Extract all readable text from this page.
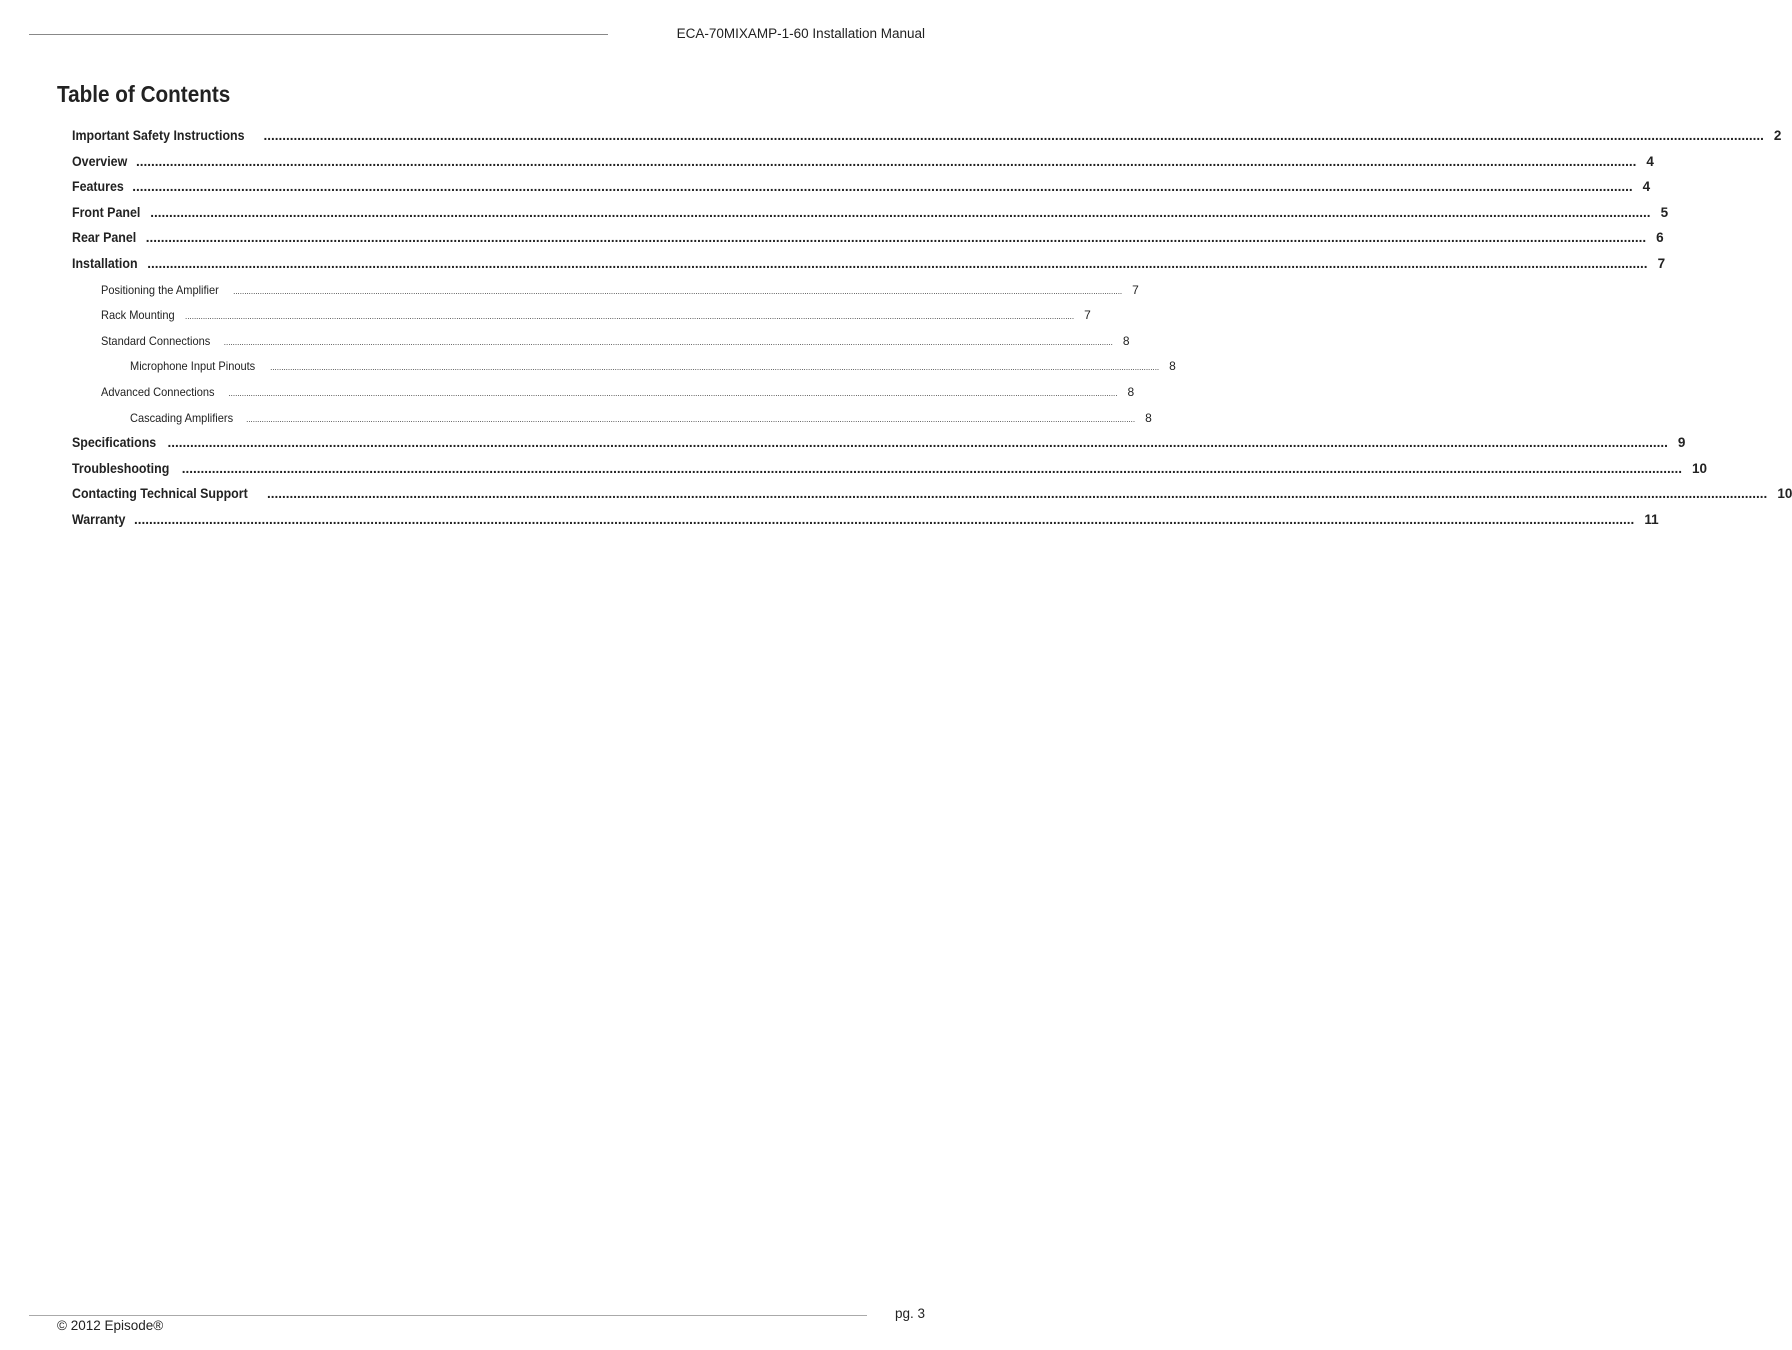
ECA-70MIXAMP-1-60 Installation Manual
Table of Contents
Important Safety Instructions ................................................................................................................................................................................................................................................................................................................................................................................................................ 2
Overview ................................................................................................................................................................................................................................................................................................................................................................................................................ 4
Features ................................................................................................................................................................................................................................................................................................................................................................................................................ 4
Front Panel ................................................................................................................................................................................................................................................................................................................................................................................................................ 5
Rear Panel ................................................................................................................................................................................................................................................................................................................................................................................................................ 6
Installation ................................................................................................................................................................................................................................................................................................................................................................................................................ 7
Positioning the Amplifier ................................................................................................................................................................................................................................................................................................................................................................................................................ 7
Rack Mounting ................................................................................................................................................................................................................................................................................................................................................................................................................ 7
Standard Connections ................................................................................................................................................................................................................................................................................................................................................................................................................ 8
Microphone Input Pinouts ................................................................................................................................................................................................................................................................................................................................................................................................................ 8
Advanced Connections ................................................................................................................................................................................................................................................................................................................................................................................................................ 8
Cascading Amplifiers ................................................................................................................................................................................................................................................................................................................................................................................................................ 8
Specifications ................................................................................................................................................................................................................................................................................................................................................................................................................ 9
Troubleshooting ................................................................................................................................................................................................................................................................................................................................................................................................................ 10
Contacting Technical Support ................................................................................................................................................................................................................................................................................................................................................................................................................ 10
Warranty ................................................................................................................................................................................................................................................................................................................................................................................................................ 11
© 2012 Episode®
pg. 3
